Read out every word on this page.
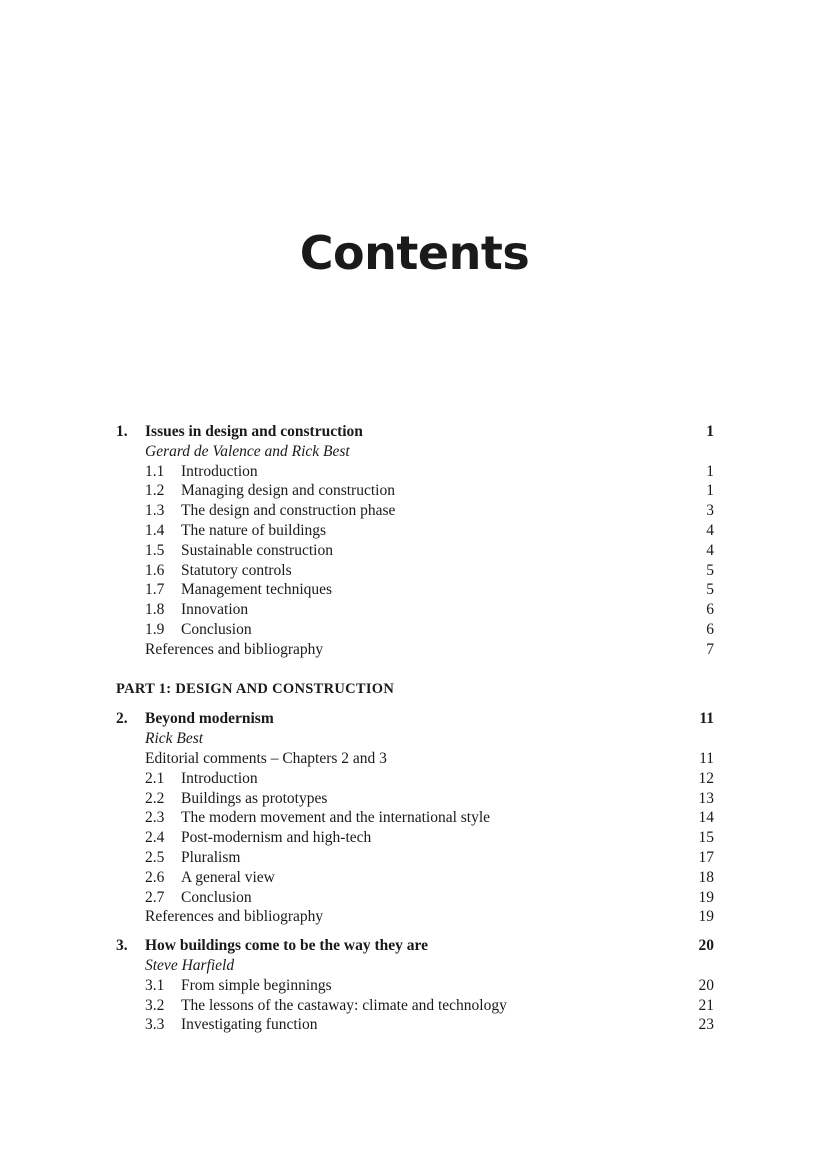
Contents
1. Issues in design and construction	1
Gerard de Valence and Rick Best
1.1 Introduction	1
1.2 Managing design and construction	1
1.3 The design and construction phase	3
1.4 The nature of buildings	4
1.5 Sustainable construction	4
1.6 Statutory controls	5
1.7 Management techniques	5
1.8 Innovation	6
1.9 Conclusion	6
References and bibliography	7
PART 1: DESIGN AND CONSTRUCTION
2. Beyond modernism	11
Rick Best
Editorial comments – Chapters 2 and 3	11
2.1 Introduction	12
2.2 Buildings as prototypes	13
2.3 The modern movement and the international style	14
2.4 Post-modernism and high-tech	15
2.5 Pluralism	17
2.6 A general view	18
2.7 Conclusion	19
References and bibliography	19
3. How buildings come to be the way they are	20
Steve Harfield
3.1 From simple beginnings	20
3.2 The lessons of the castaway: climate and technology	21
3.3 Investigating function	23
